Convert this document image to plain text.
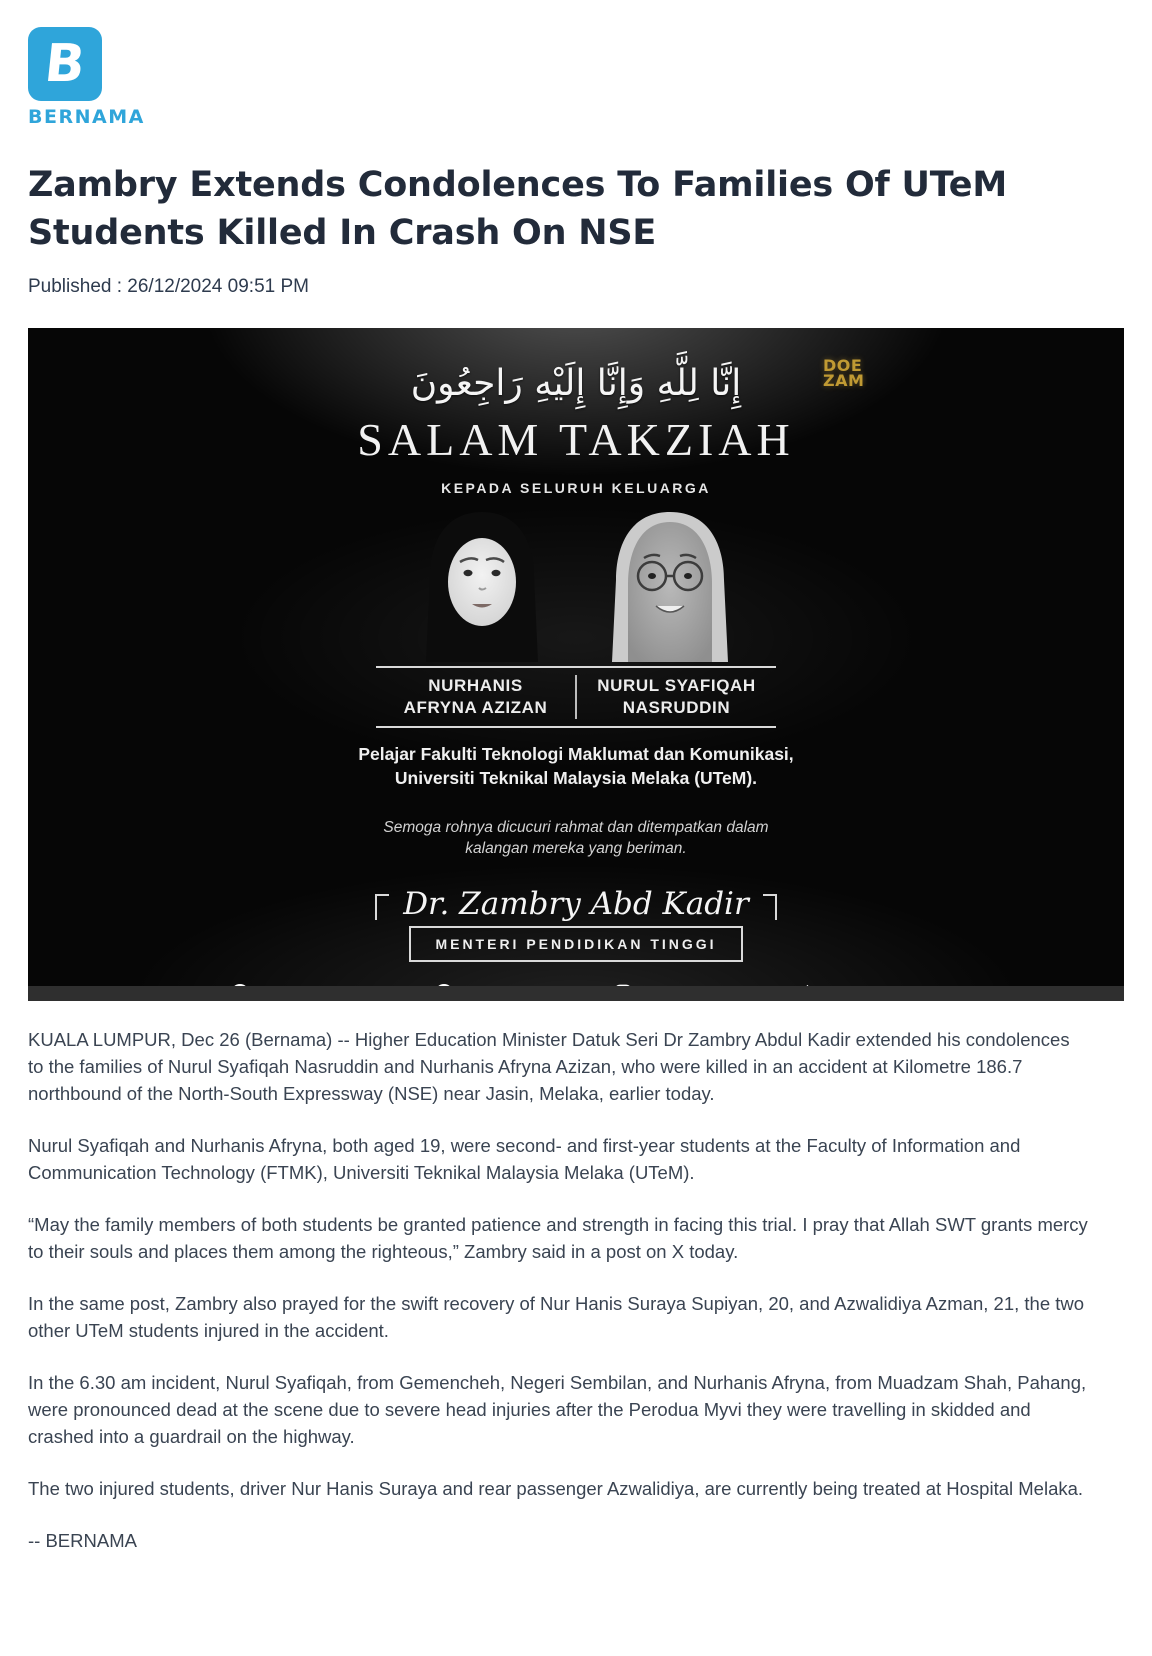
B
BERNAMA
Zambry Extends Condolences To Families Of UTeM Students Killed In Crash On NSE
Published : 26/12/2024 09:51 PM
DOE
ZAM
إِنَّا لِلَّهِ وَإِنَّا إِلَيْهِ رَاجِعُونَ
SALAM TAKZIAH
KEPADA SELURUH KELUARGA
NURHANIS
AFRYNA AZIZAN
NURUL SYAFIQAH
NASRUDDIN
Pelajar Fakulti Teknologi Maklumat dan Komunikasi,
Universiti Teknikal Malaysia Melaka (UTeM).
Semoga rohnya dicucuri rahmat dan ditempatkan dalam
kalangan mereka yang beriman.
Dr. Zambry Abd Kadir
MENTERI PENDIDIKAN TINGGI

KUALA LUMPUR, Dec 26 (Bernama) -- Higher Education Minister Datuk Seri Dr Zambry Abdul Kadir extended his condolences to the families of Nurul Syafiqah Nasruddin and Nurhanis Afryna Azizan, who were killed in an accident at Kilometre 186.7 northbound of the North-South Expressway (NSE) near Jasin, Melaka, earlier today.

Nurul Syafiqah and Nurhanis Afryna, both aged 19, were second- and first-year students at the Faculty of Information and Communication Technology (FTMK), Universiti Teknikal Malaysia Melaka (UTeM).

“May the family members of both students be granted patience and strength in facing this trial. I pray that Allah SWT grants mercy to their souls and places them among the righteous,” Zambry said in a post on X today.

In the same post, Zambry also prayed for the swift recovery of Nur Hanis Suraya Supiyan, 20, and Azwalidiya Azman, 21, the two other UTeM students injured in the accident.

In the 6.30 am incident, Nurul Syafiqah, from Gemencheh, Negeri Sembilan, and Nurhanis Afryna, from Muadzam Shah, Pahang, were pronounced dead at the scene due to severe head injuries after the Perodua Myvi they were travelling in skidded and crashed into a guardrail on the highway.

The two injured students, driver Nur Hanis Suraya and rear passenger Azwalidiya, are currently being treated at Hospital Melaka.

-- BERNAMA
